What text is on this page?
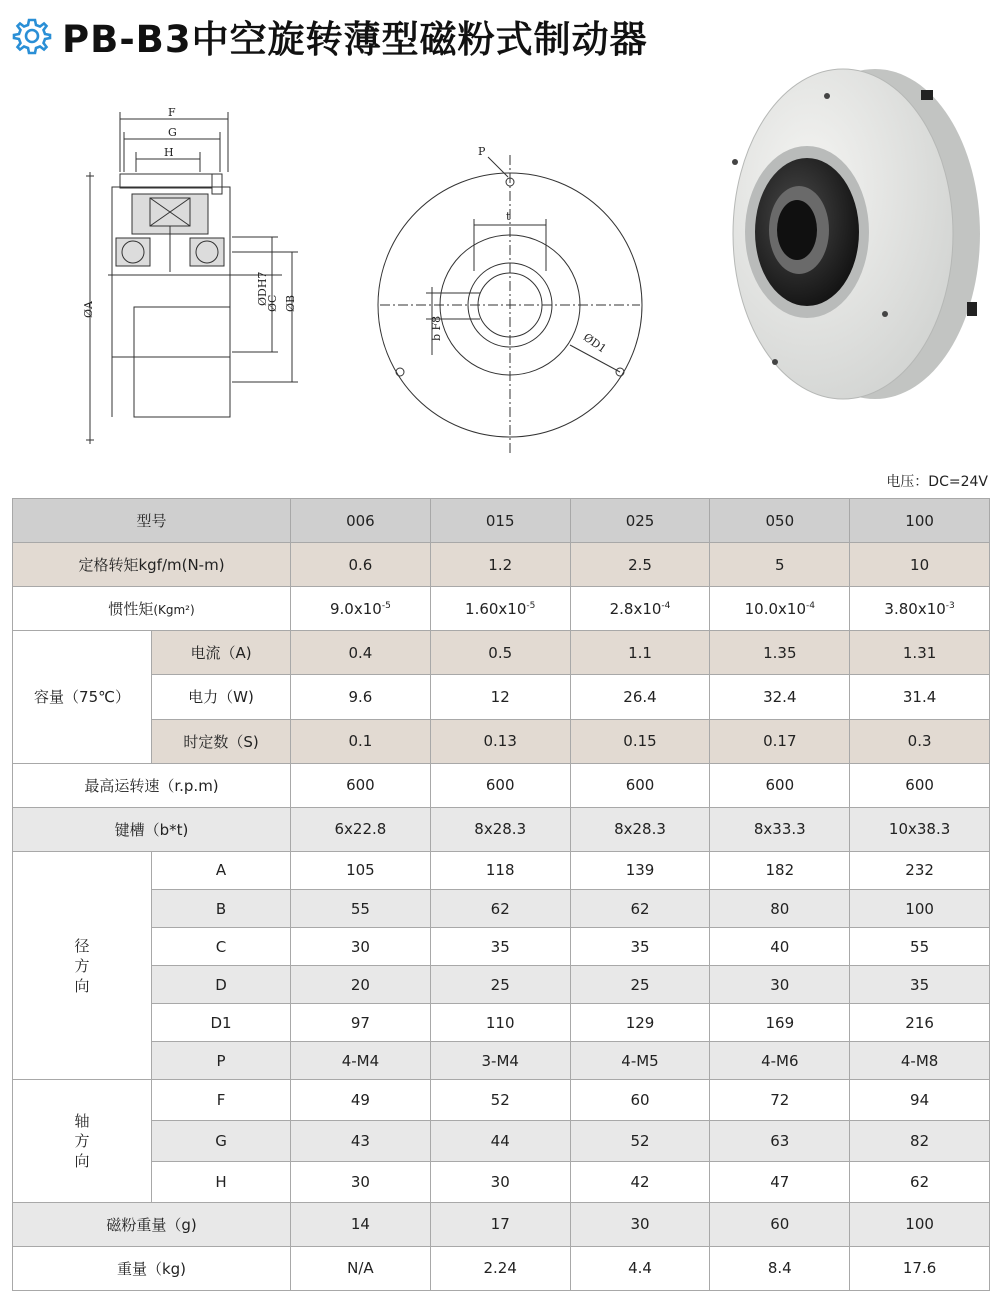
PB-B3中空旋转薄型磁粉式制动器
F
G
H
ØA
ØDH7
ØC ØB
P
t
b F8
ØD1
电压：DC=24V
型号		006	015	025	050	100
定格转矩kgf/m(N-m)		0.6	1.2	2.5	5	10
惯性矩(Kgm²)		$9.0x10^{-5}$	$1.60x10^{-5}$	$2.8x10^{-4}$	$10.0x10^{-4}$	$3.80x10^{-3}$
容量（75℃）	电流（A)	0.4	0.5	1.1	1.35	1.31
	电力（W)	9.6	12	26.4	32.4	31.4
	时定数（S)	0.1	0.13	0.15	0.17	0.3
最高运转速（r.p.m)		600	600	600	600	600
键槽（b*t)		6x22.8	8x28.3	8x28.3	8x33.3	10x38.3
径
方
向	A	105	118	139	182	232
	B	55	62	62	80	100
	C	30	35	35	40	55
	D	20	25	25	30	35
	D1	97	110	129	169	216
	P	4-M4	3-M4	4-M5	4-M6	4-M8
轴
方
向	F	49	52	60	72	94
	G	43	44	52	63	82
	H	30	30	42	47	62
磁粉重量（g)		14	17	30	60	100
重量（kg)		N/A	2.24	4.4	8.4	17.6
